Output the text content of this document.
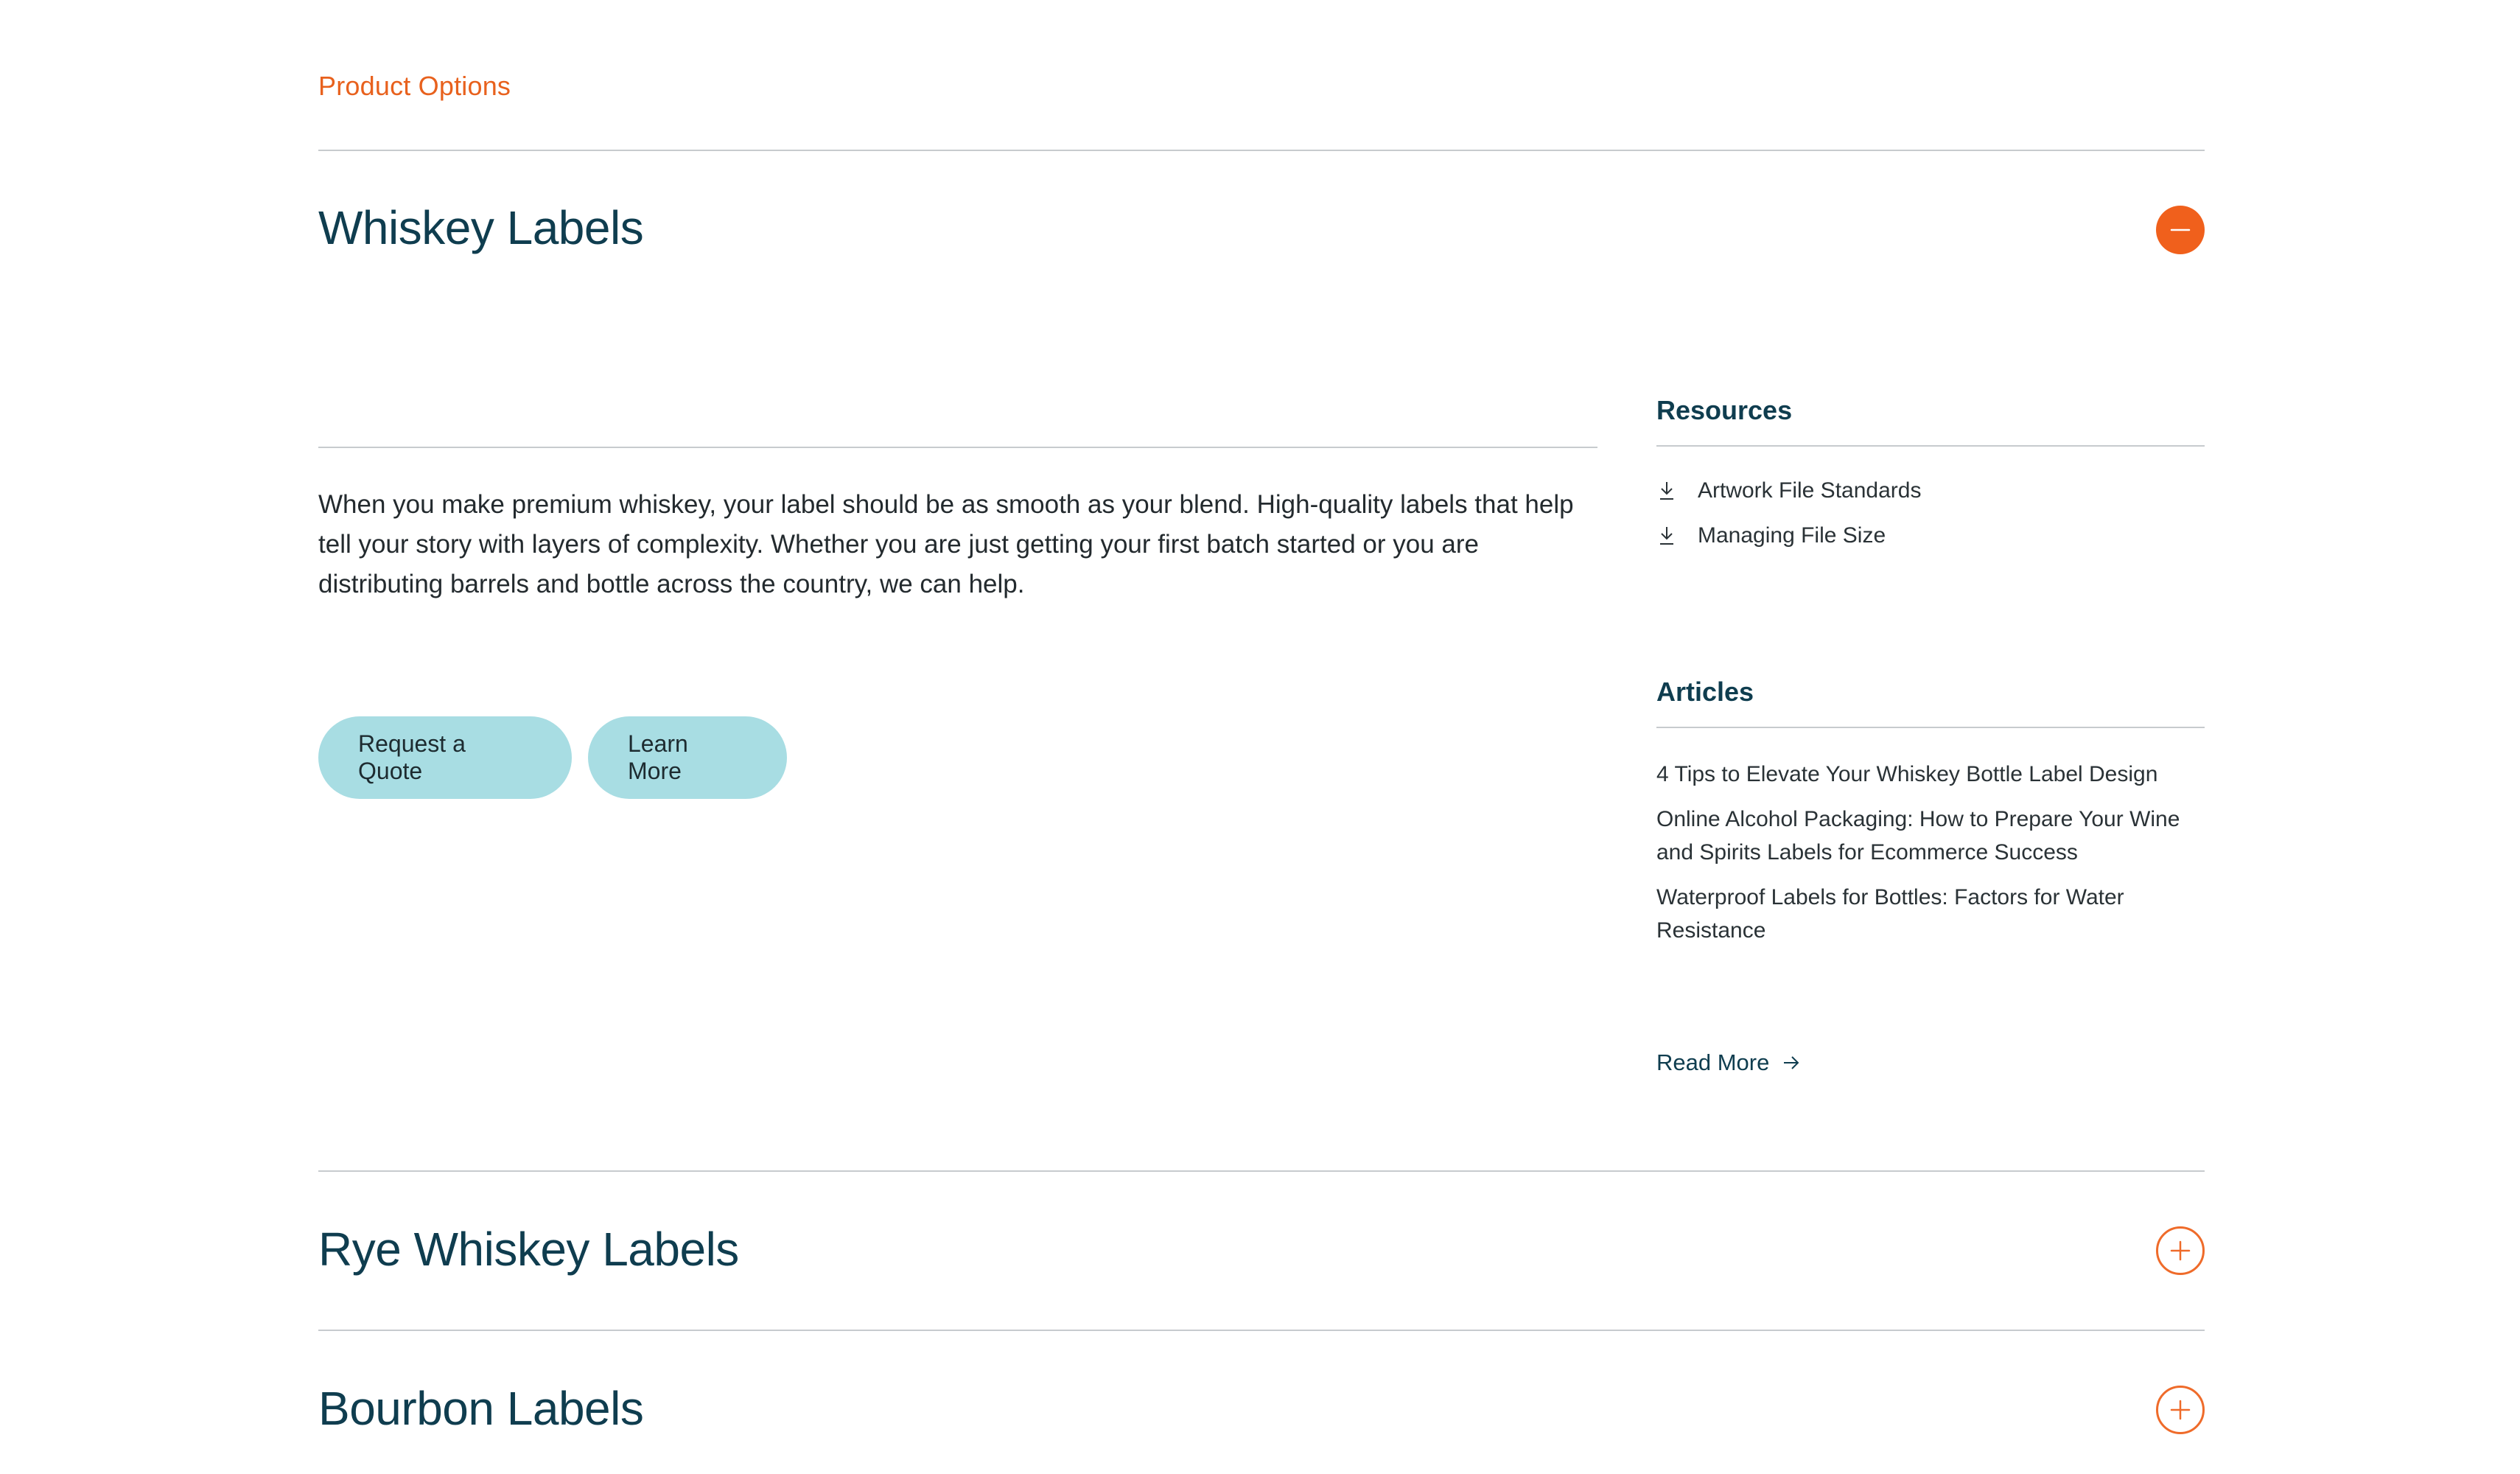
Product Options
Whiskey Labels
When you make premium whiskey, your label should be as smooth as your blend. High-quality labels that help tell your story with layers of complexity. Whether you are just getting your first batch started or you are distributing barrels and bottle across the country, we can help.
Request a Quote
Learn More
Resources
Artwork File Standards
Managing File Size
Articles
4 Tips to Elevate Your Whiskey Bottle Label Design
Online Alcohol Packaging: How to Prepare Your Wine and Spirits Labels for Ecommerce Success
Waterproof Labels for Bottles: Factors for Water Resistance
Read More
Rye Whiskey Labels
Bourbon Labels
